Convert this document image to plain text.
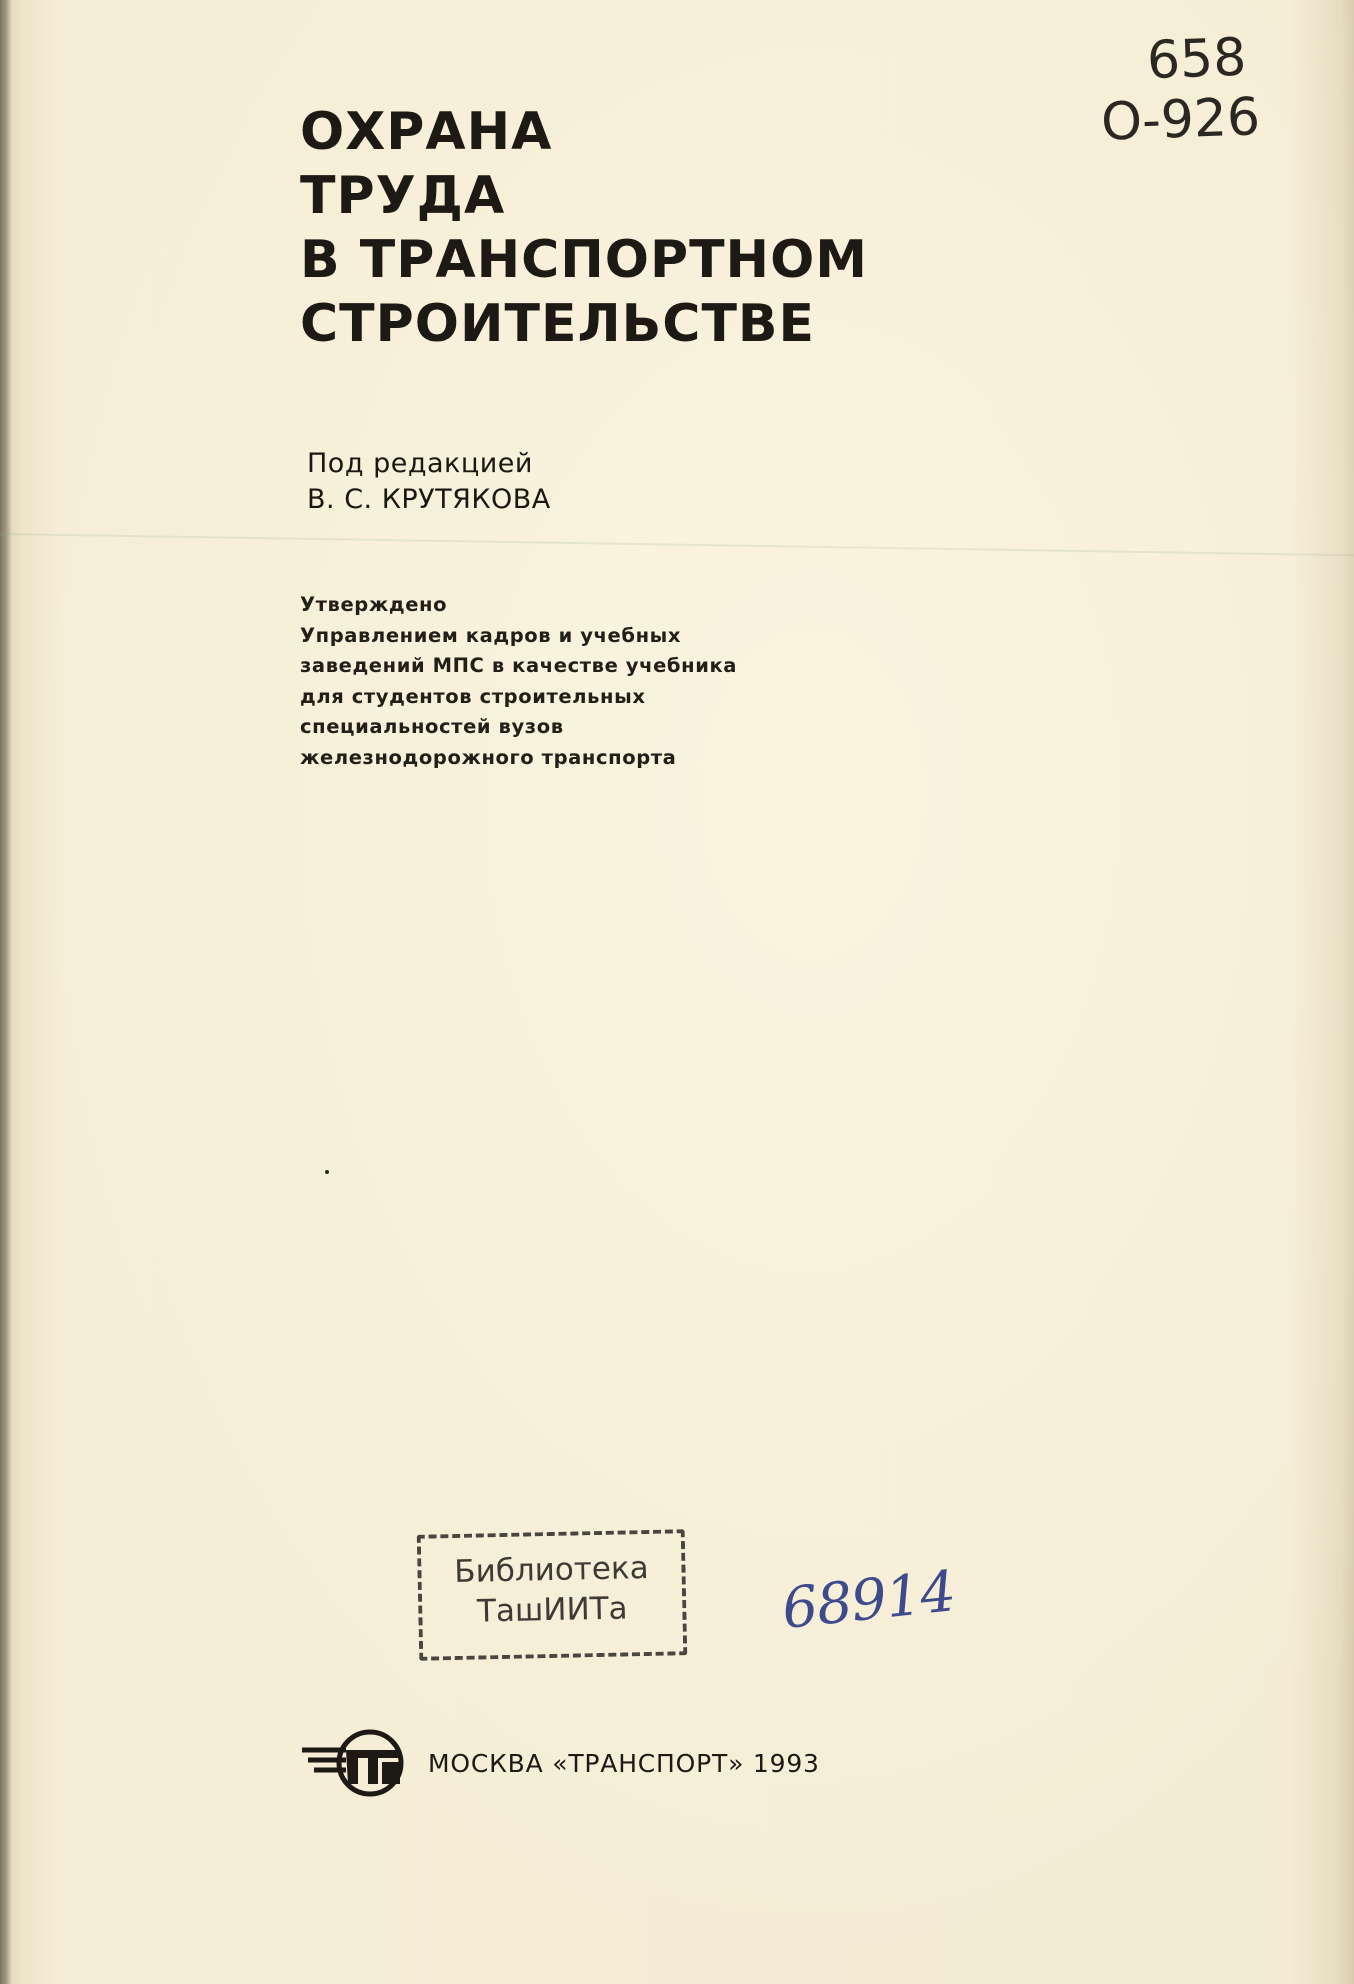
658
О-926
ОХРАНА
ТРУДА
В ТРАНСПОРТНОМ
СТРОИТЕЛЬСТВЕ
Под редакцией
В. С. КРУТЯКОВА
Утверждено
Управлением кадров и учебных
заведений МПС в качестве учебника
для студентов строительных
специальностей вузов
железнодорожного транспорта
Библиотека
ТашИИТа	68914
МОСКВА «ТРАНСПОРТ» 1993
